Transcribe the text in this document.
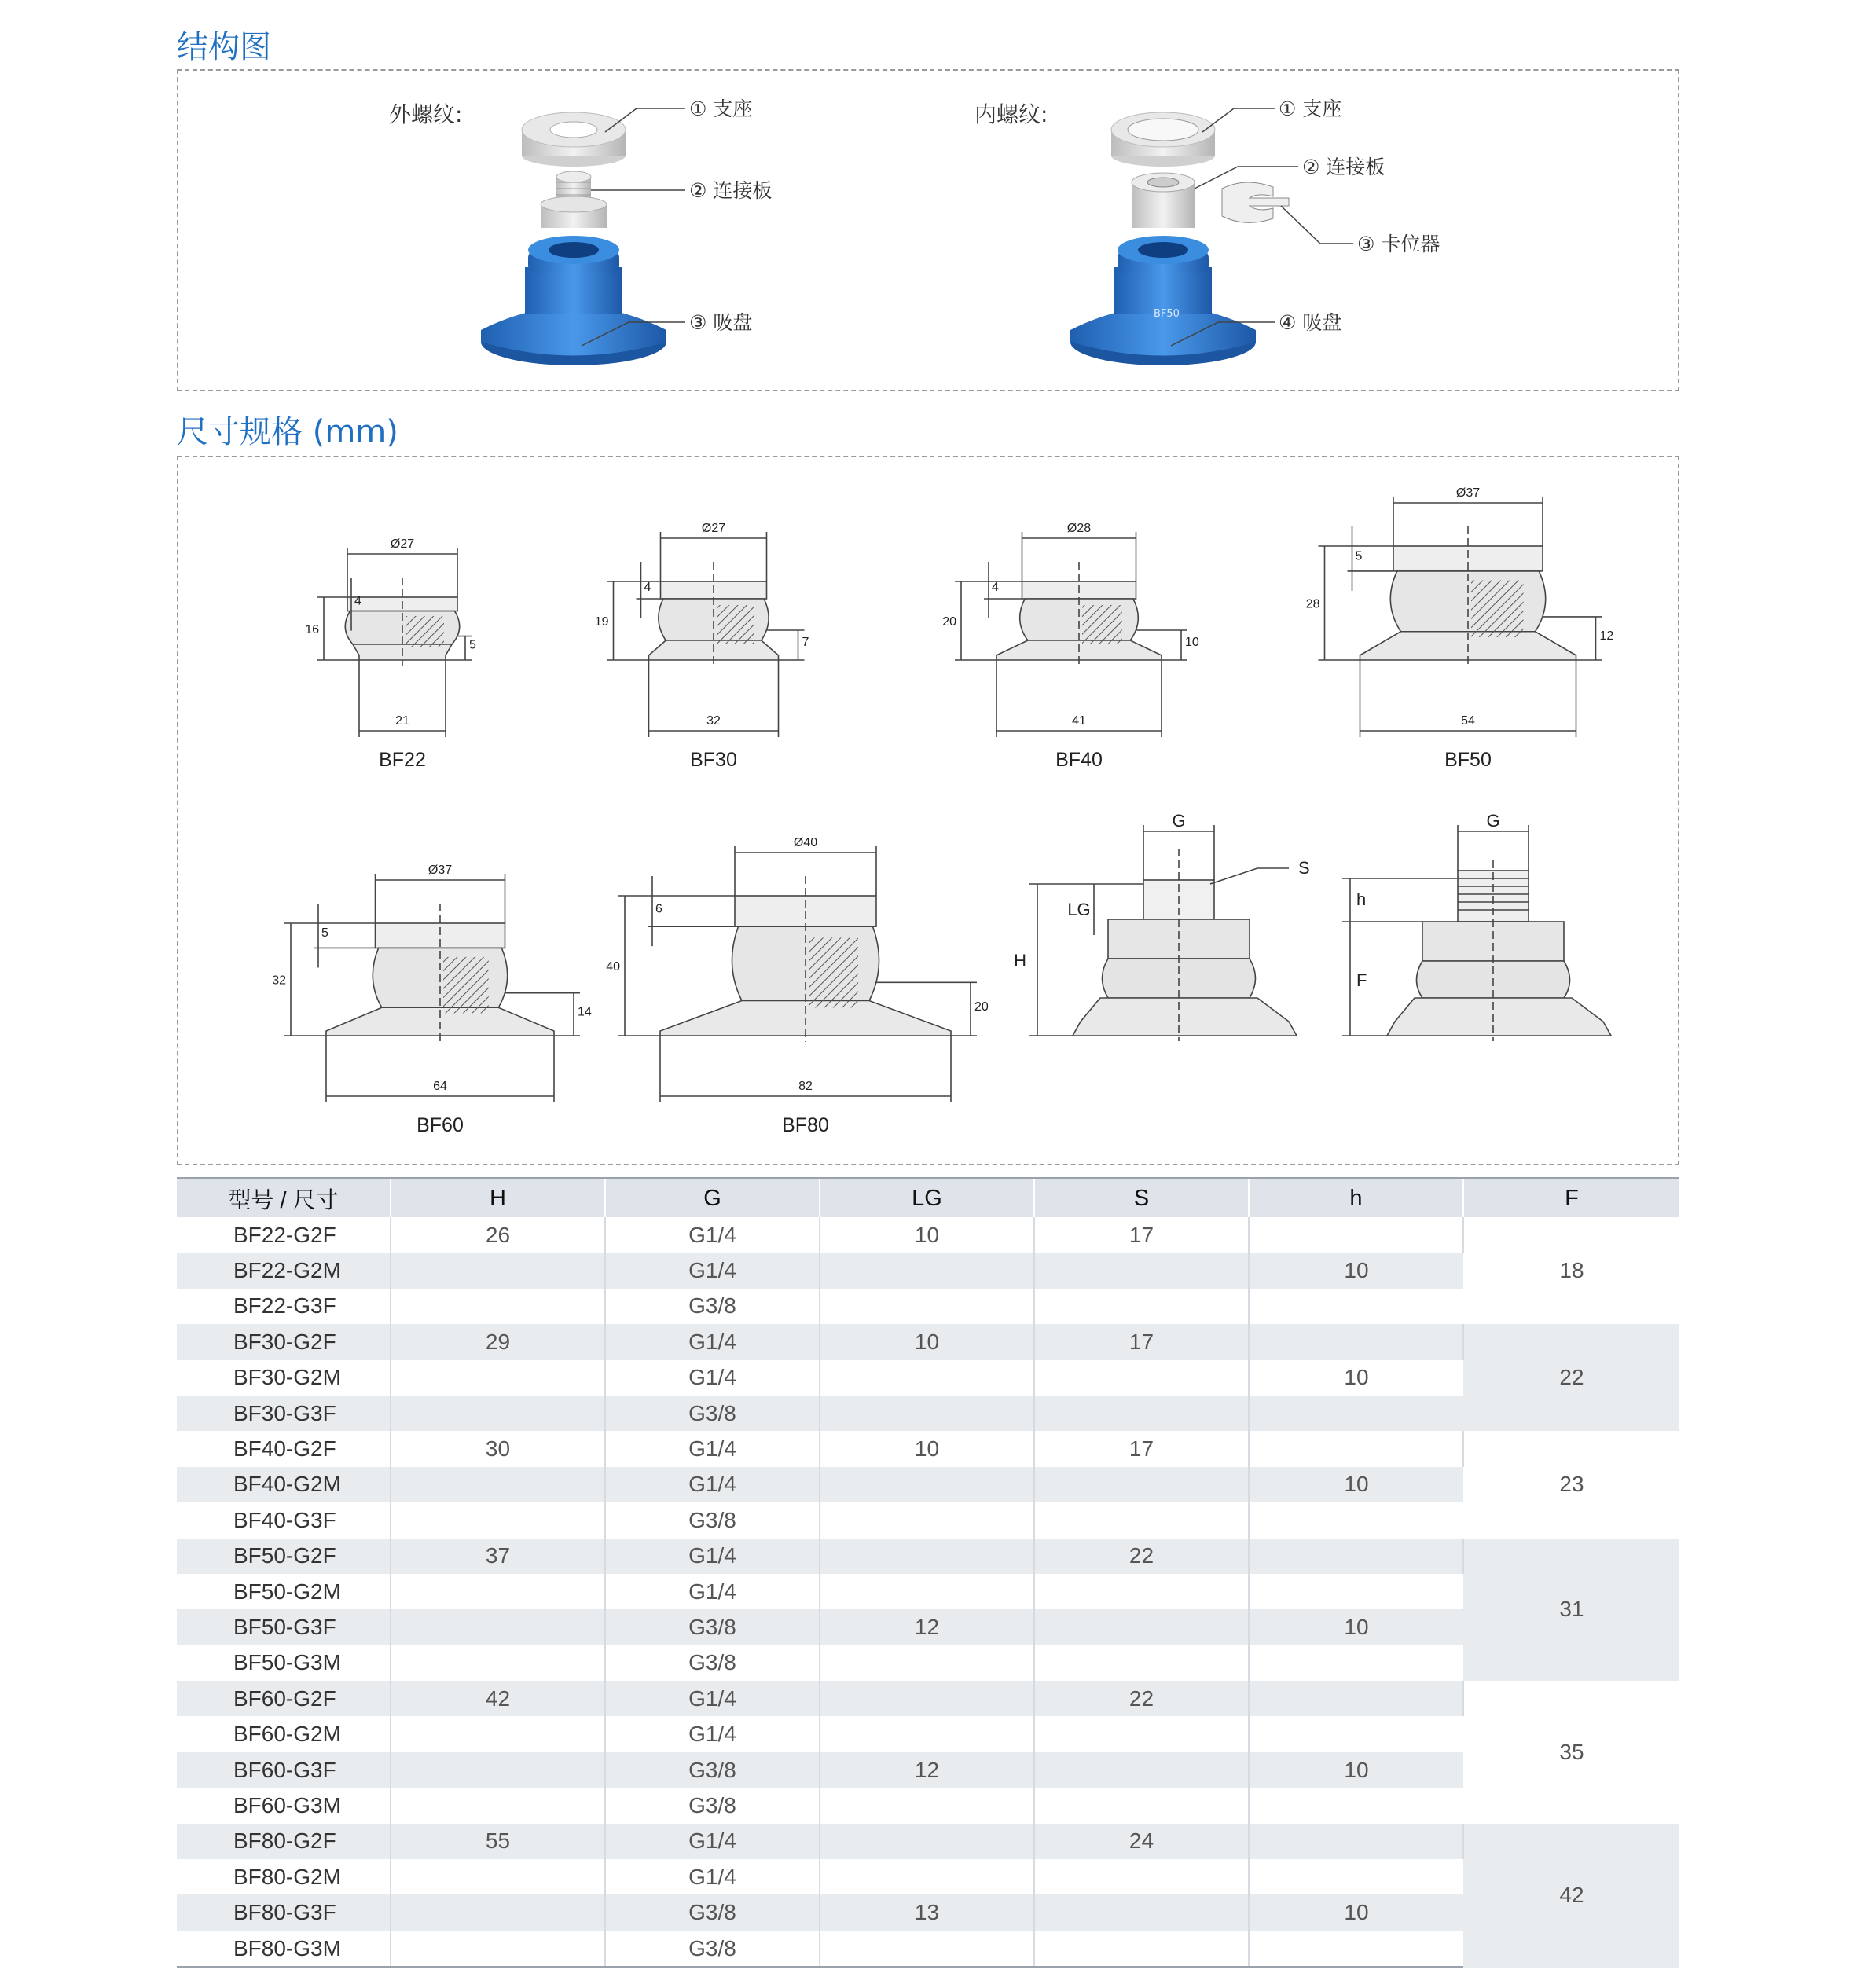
结构图
尺寸规格 (mm)
外螺纹:	① 支座
② 连接板
③ 吸盘
内螺纹:
BF50
① 支座
② 连接板
③ 卡位器
④ 吸盘
Ø27
21
16
4
5
BF22
Ø27
32
19
4
7
BF30
Ø28
41
20
4
10
BF40
Ø37
54
28
5
12
BF50
Ø37
64
32
5
14
BF60
Ø40
82
40
6
20
BF80
G
S
LG
H
G
h
F
型号 / 尺寸	H	G	LG	S	h	F
BF22-G2F	26	G1/4	10	17		18
BF22-G2M		G1/4			10	
BF22-G3F		G3/8				
BF30-G2F	29	G1/4	10	17		22
BF30-G2M		G1/4			10	
BF30-G3F		G3/8				
BF40-G2F	30	G1/4	10	17		23
BF40-G2M		G1/4			10	
BF40-G3F		G3/8				
BF50-G2F	37	G1/4		22		31
BF50-G2M		G1/4				
BF50-G3F		G3/8	12		10	
BF50-G3M		G3/8				
BF60-G2F	42	G1/4		22		35
BF60-G2M		G1/4				
BF60-G3F		G3/8	12		10	
BF60-G3M		G3/8				
BF80-G2F	55	G1/4		24		42
BF80-G2M		G1/4				
BF80-G3F		G3/8	13		10	
BF80-G3M		G3/8				
